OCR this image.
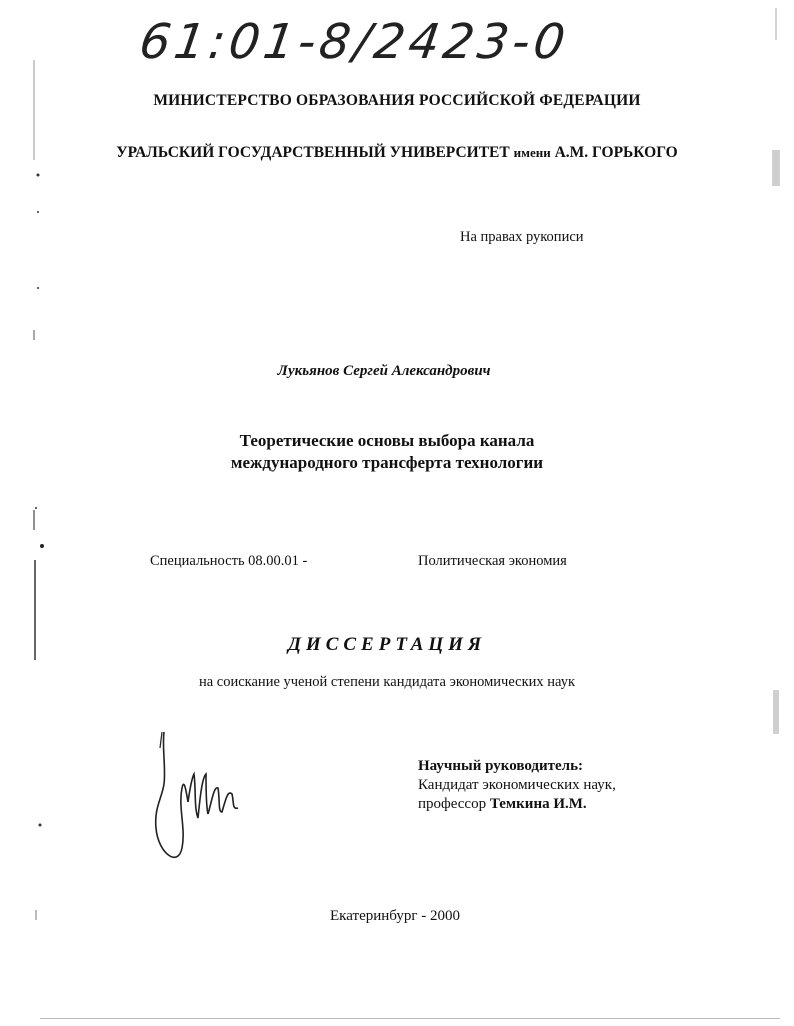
61:01-8/2423-0
МИНИСТЕРСТВО ОБРАЗОВАНИЯ РОССИЙСКОЙ ФЕДЕРАЦИИ
УРАЛЬСКИЙ ГОСУДАРСТВЕННЫЙ УНИВЕРСИТЕТ имени А.М. ГОРЬКОГО
На правах рукописи
Лукьянов Сергей Александрович
Теоретические основы выбора канала
международного трансферта технологии
Специальность 08.00.01 -	Политическая экономия
ДИССЕРТАЦИЯ
на соискание ученой степени кандидата экономических наук
Научный руководитель:
Кандидат экономических наук,
профессор Темкина И.М.
Екатеринбург - 2000
